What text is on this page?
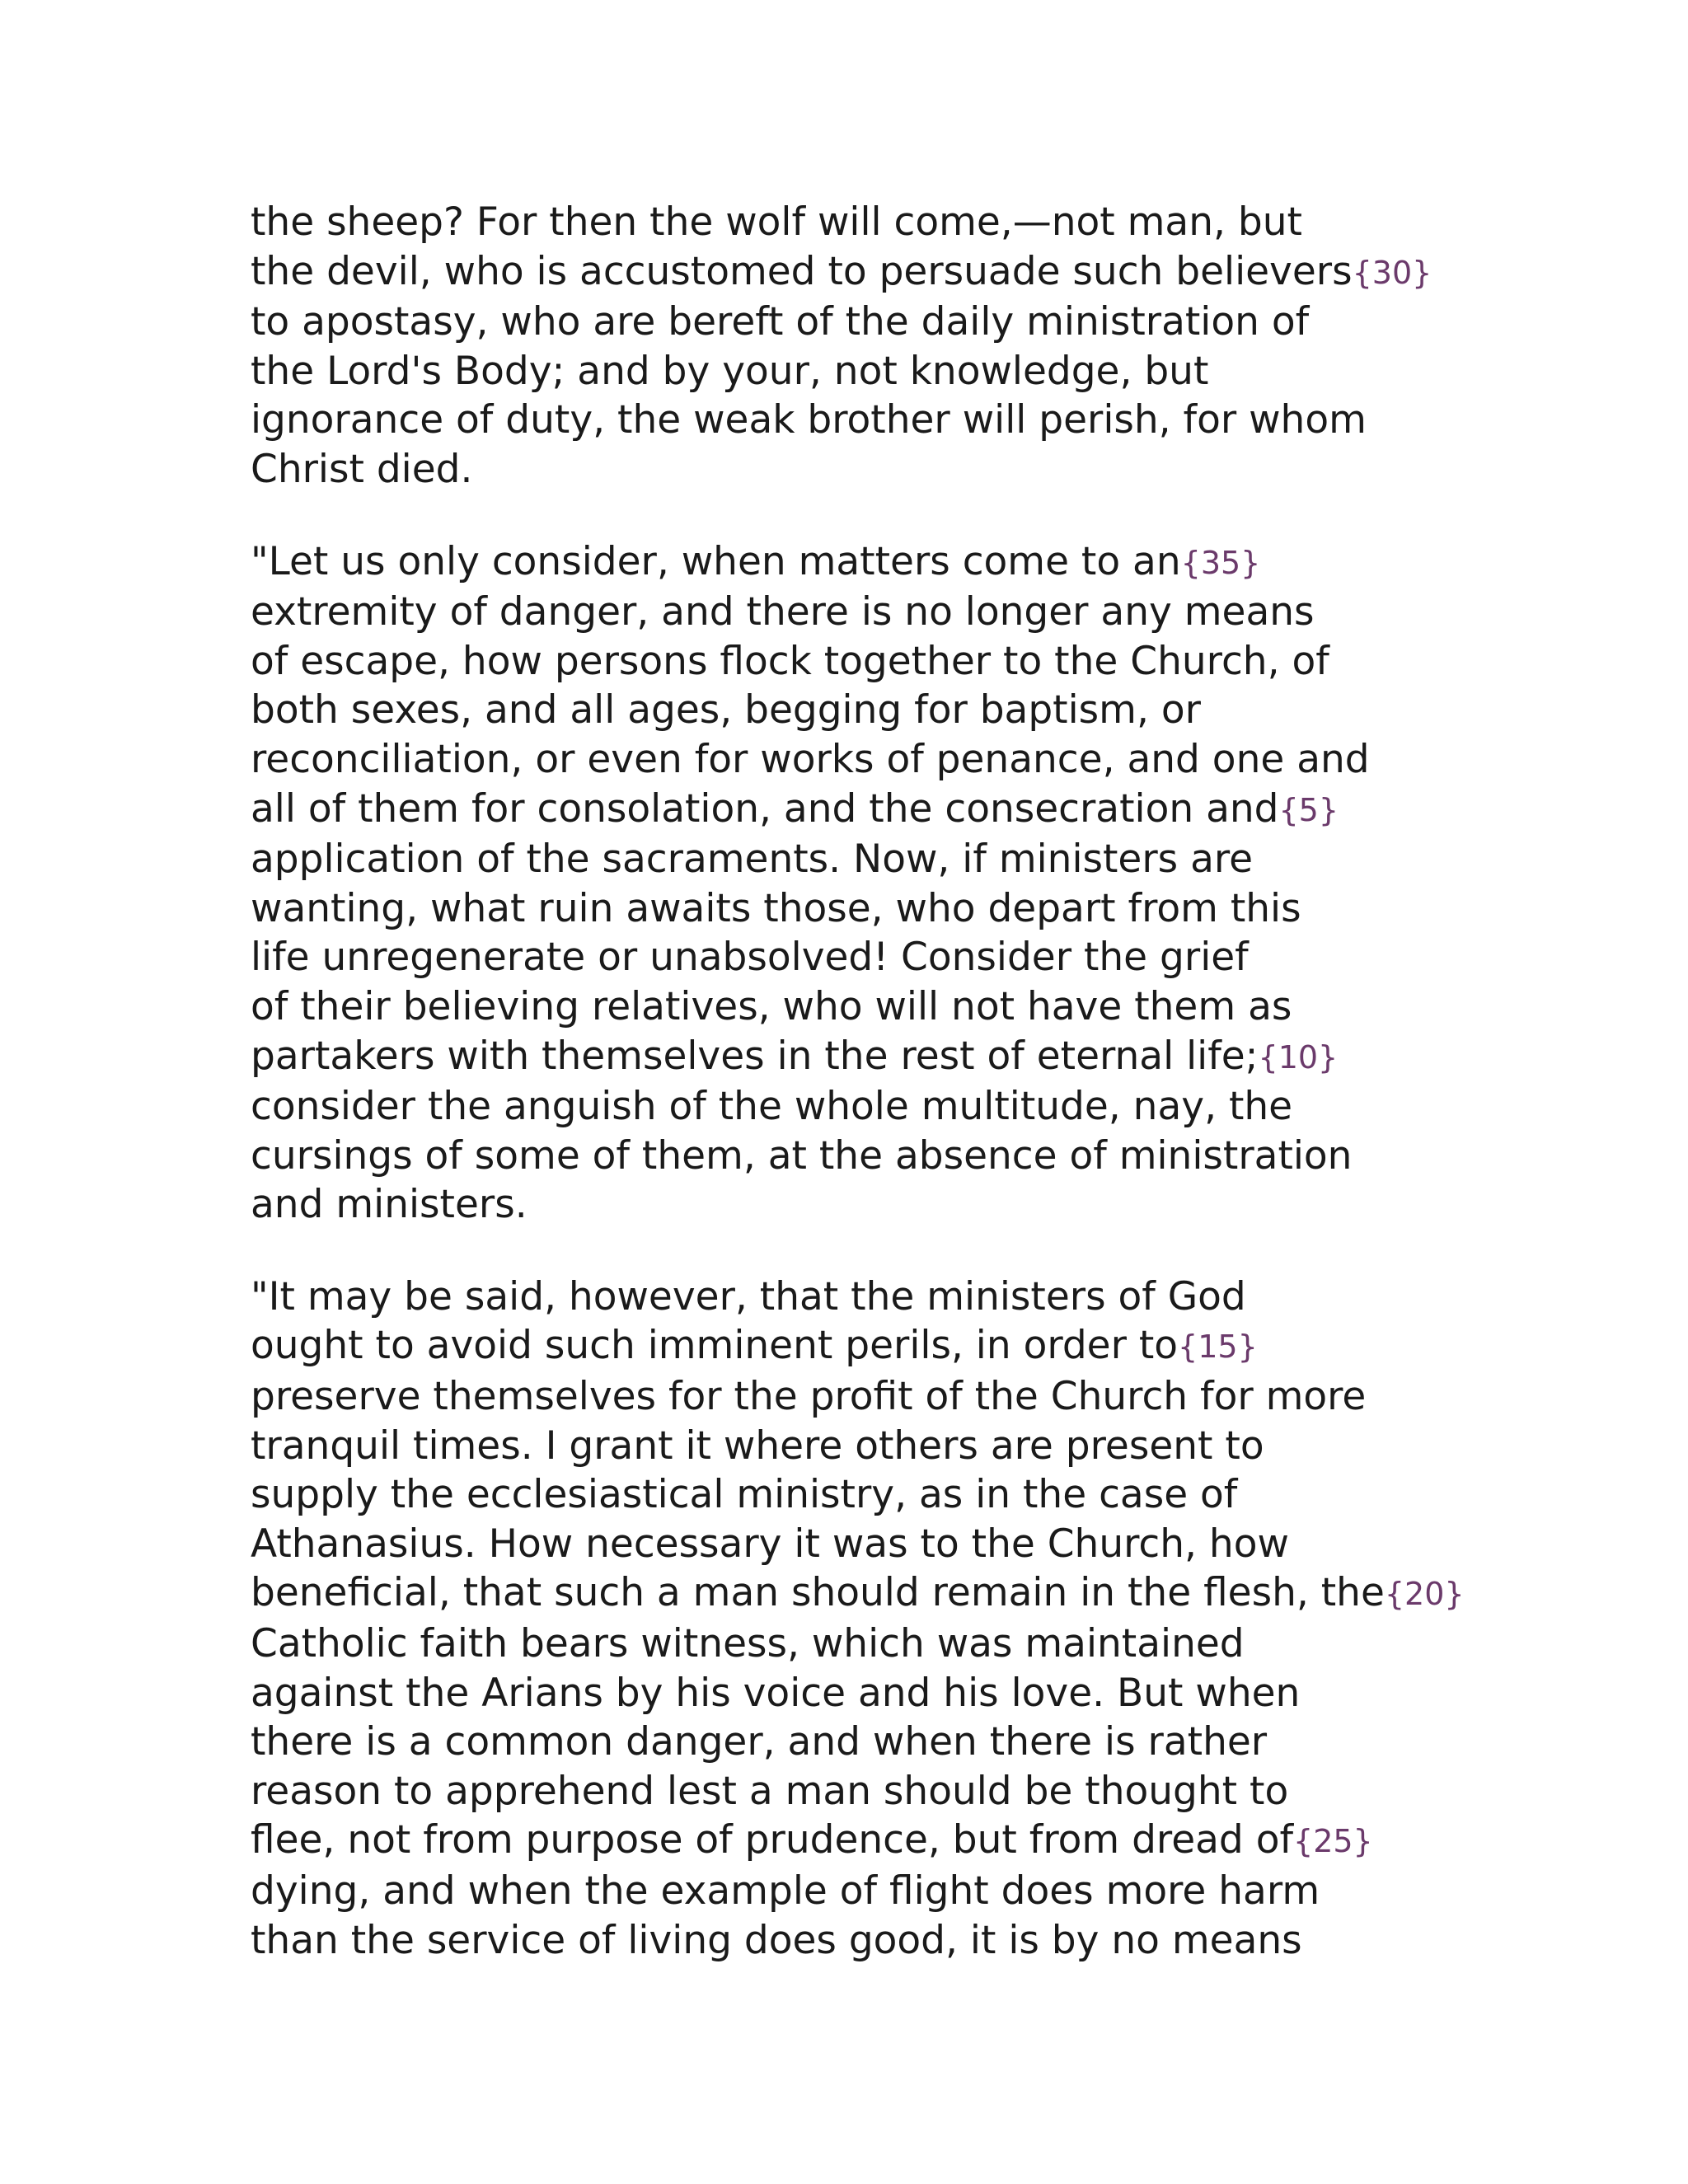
the sheep? For then the wolf will come,—not man, but
the devil, who is accustomed to persuade such believers{30}
to apostasy, who are bereft of the daily ministration of
the Lord's Body; and by your, not knowledge, but
ignorance of duty, the weak brother will perish, for whom
Christ died.
"Let us only consider, when matters come to an{35}
extremity of danger, and there is no longer any means
of escape, how persons flock together to the Church, of
both sexes, and all ages, begging for baptism, or
reconciliation, or even for works of penance, and one and
all of them for consolation, and the consecration and{5}
application of the sacraments. Now, if ministers are
wanting, what ruin awaits those, who depart from this
life unregenerate or unabsolved! Consider the grief
of their believing relatives, who will not have them as
partakers with themselves in the rest of eternal life;{10}
consider the anguish of the whole multitude, nay, the
cursings of some of them, at the absence of ministration
and ministers.
"It may be said, however, that the ministers of God
ought to avoid such imminent perils, in order to{15}
preserve themselves for the profit of the Church for more
tranquil times. I grant it where others are present to
supply the ecclesiastical ministry, as in the case of
Athanasius. How necessary it was to the Church, how
beneficial, that such a man should remain in the flesh, the{20}
Catholic faith bears witness, which was maintained
against the Arians by his voice and his love. But when
there is a common danger, and when there is rather
reason to apprehend lest a man should be thought to
flee, not from purpose of prudence, but from dread of{25}
dying, and when the example of flight does more harm
than the service of living does good, it is by no means
